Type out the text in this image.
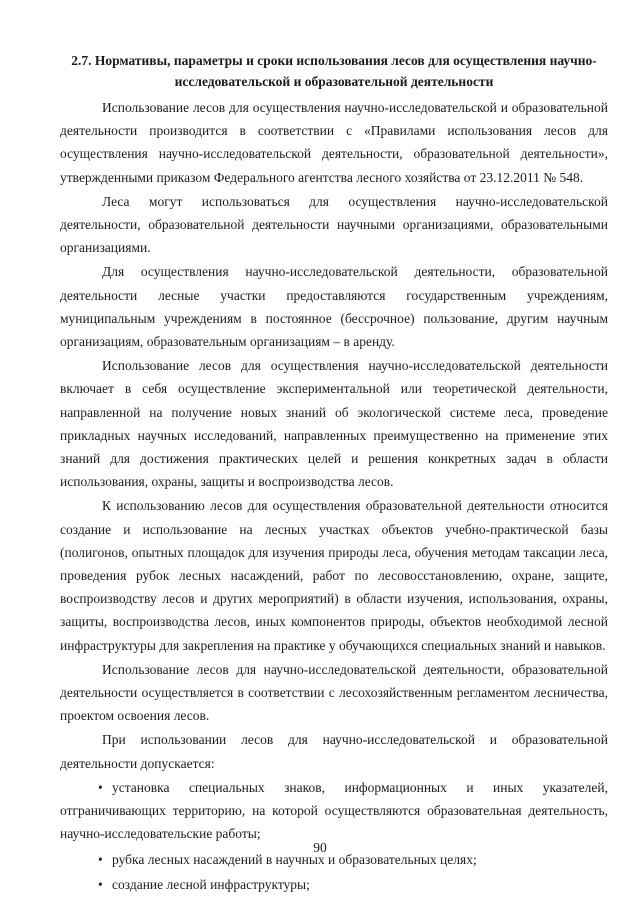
2.7. Нормативы, параметры и сроки использования лесов для осуществления научно-исследовательской и образовательной деятельности

Использование лесов для осуществления научно-исследовательской и образовательной деятельности производится в соответствии с «Правилами использования лесов для осуществления научно-исследовательской деятельности, образовательной деятельности», утвержденными приказом Федерального агентства лесного хозяйства от 23.12.2011 № 548.

Леса могут использоваться для осуществления научно-исследовательской деятельности, образовательной деятельности научными организациями, образовательными организациями.

Для осуществления научно-исследовательской деятельности, образовательной деятельности лесные участки предоставляются государственным учреждениям, муниципальным учреждениям в постоянное (бессрочное) пользование, другим научным организациям, образовательным организациям – в аренду.

Использование лесов для осуществления научно-исследовательской деятельности включает в себя осуществление экспериментальной или теоретической деятельности, направленной на получение новых знаний об экологической системе леса, проведение прикладных научных исследований, направленных преимущественно на применение этих знаний для достижения практических целей и решения конкретных задач в области использования, охраны, защиты и воспроизводства лесов.

К использованию лесов для осуществления образовательной деятельности относится создание и использование на лесных участках объектов учебно-практической базы (полигонов, опытных площадок для изучения природы леса, обучения методам таксации леса, проведения рубок лесных насаждений, работ по лесовосстановлению, охране, защите, воспроизводству лесов и других мероприятий) в области изучения, использования, охраны, защиты, воспроизводства лесов, иных компонентов природы, объектов необходимой лесной инфраструктуры для закрепления на практике у обучающихся специальных знаний и навыков.

Использование лесов для научно-исследовательской деятельности, образовательной деятельности осуществляется в соответствии с лесохозяйственным регламентом лесничества, проектом освоения лесов.

При использовании лесов для научно-исследовательской и образовательной деятельности допускается:

• установка специальных знаков, информационных и иных указателей, отграничивающих территорию, на которой осуществляются образовательная деятельность, научно-исследовательские работы;
• рубка лесных насаждений в научных и образовательных целях;
• создание лесной инфраструктуры;
90
